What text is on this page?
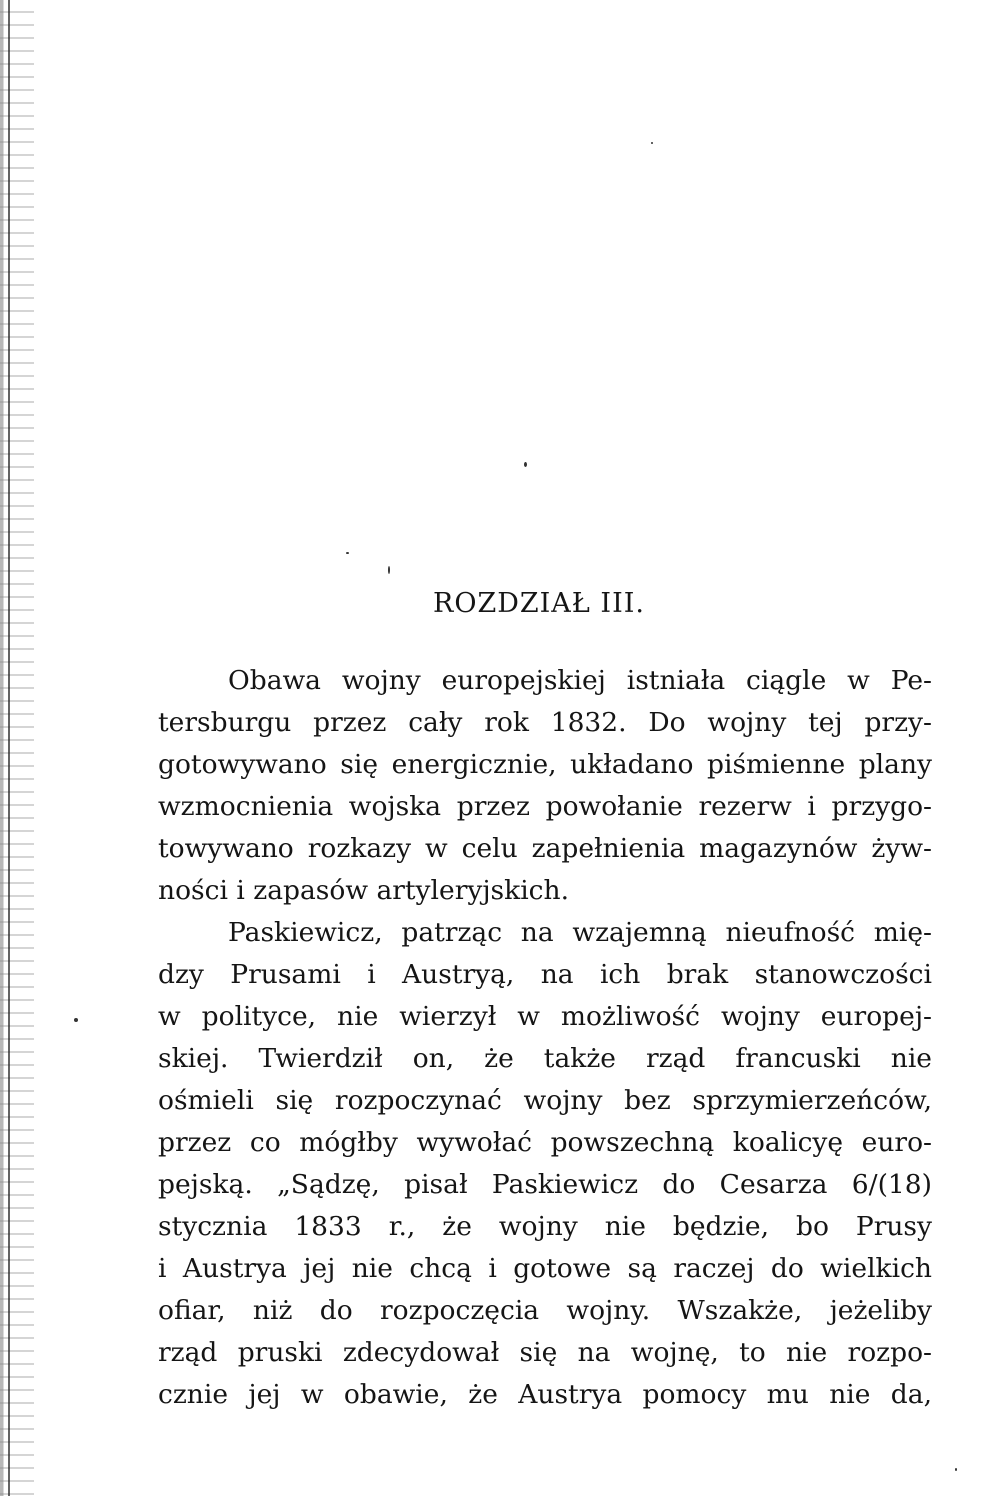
ROZDZIAŁ III.
Obawa wojny europejskiej istniała ciągle w Pe-
tersburgu przez cały rok 1832. Do wojny tej przy-
gotowywano się energicznie, układano piśmienne plany
wzmocnienia wojska przez powołanie rezerw i przygo-
towywano rozkazy w celu zapełnienia magazynów żyw-
ności i zapasów artyleryjskich.
Paskiewicz, patrząc na wzajemną nieufność mię-
dzy Prusami i Austryą, na ich brak stanowczości
w polityce, nie wierzył w możliwość wojny europej-
skiej. Twierdził on, że także rząd francuski nie
ośmieli się rozpoczynać wojny bez sprzymierzeńców,
przez co mógłby wywołać powszechną koalicyę euro-
pejską. „Sądzę, pisał Paskiewicz do Cesarza 6/(18)
stycznia 1833 r., że wojny nie będzie, bo Prusy
i Austrya jej nie chcą i gotowe są raczej do wielkich
ofiar, niż do rozpoczęcia wojny. Wszakże, jeżeliby
rząd pruski zdecydował się na wojnę, to nie rozpo-
cznie jej w obawie, że Austrya pomocy mu nie da,
